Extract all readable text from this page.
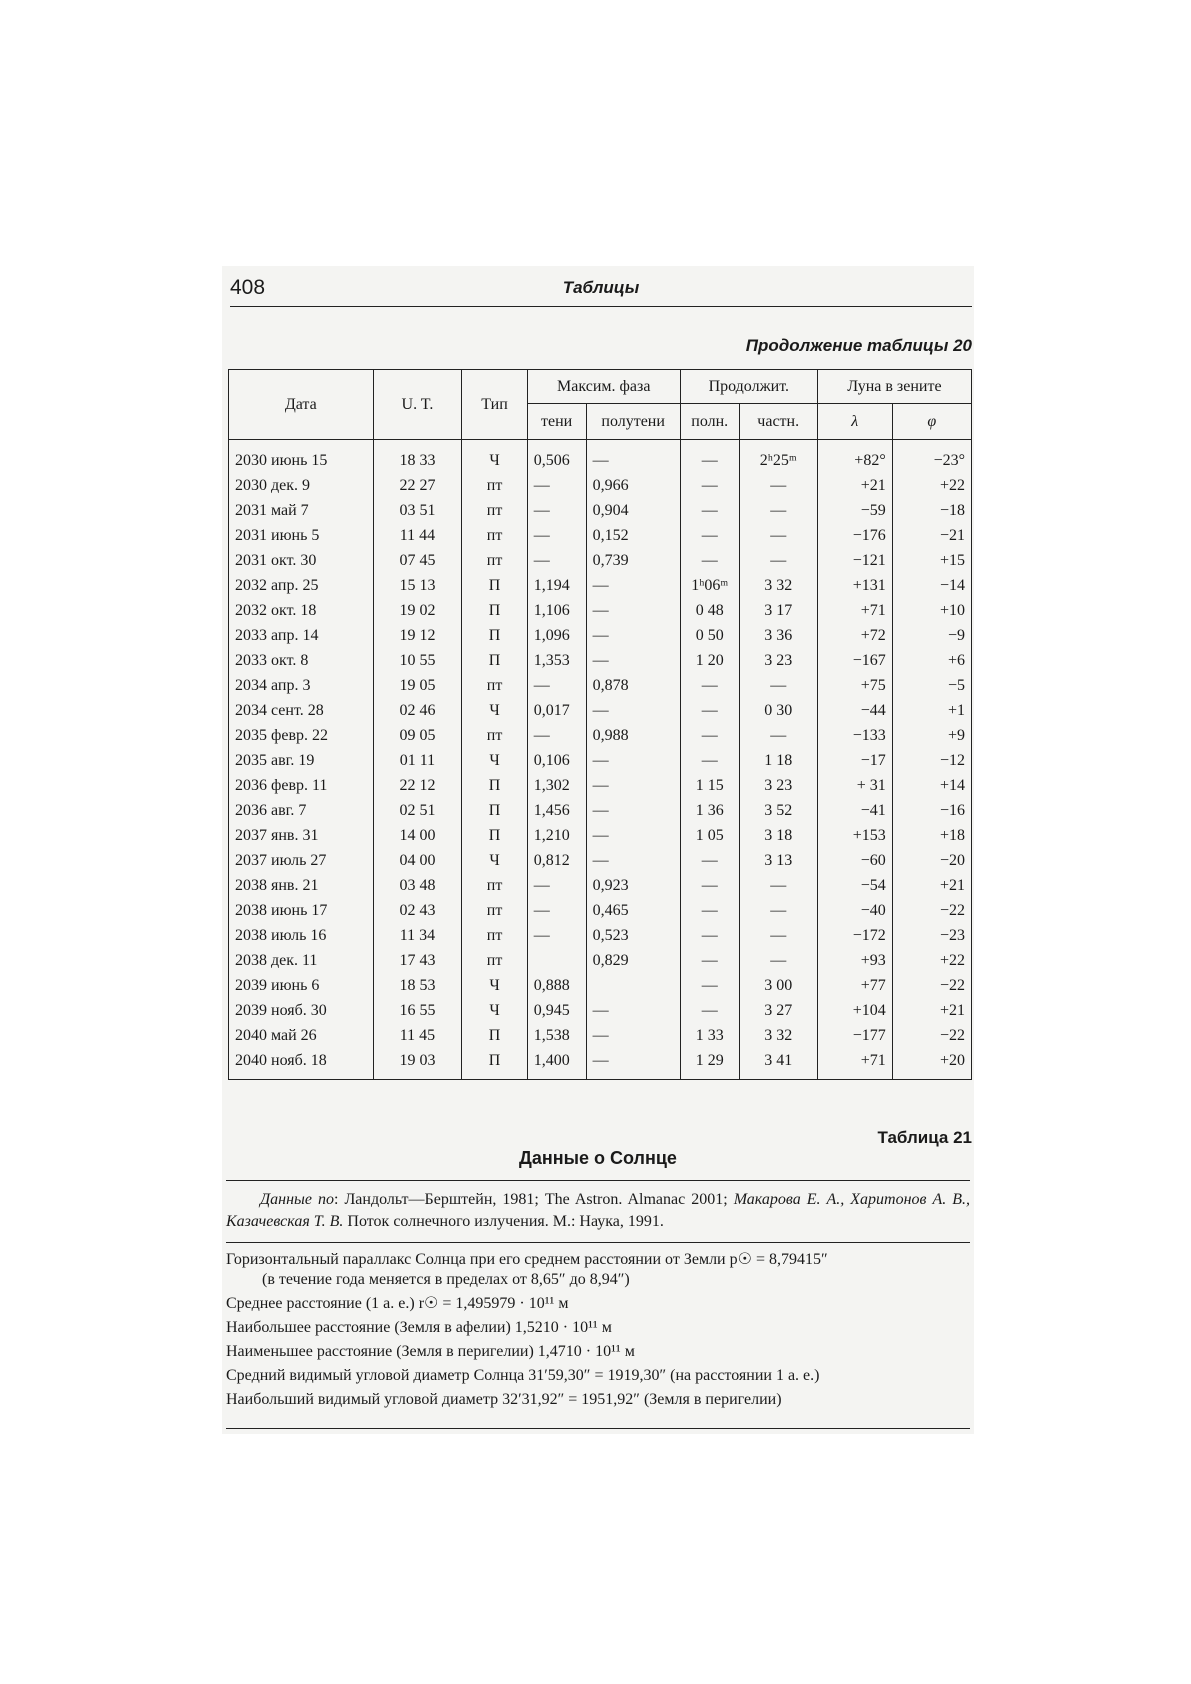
408	Таблицы
Продолжение таблицы 20
Дата	U. T.	Тип	Максим. фаза		Продолжит.		Луна в зените	
			тени	полутени	полн.	частн.	λ	φ
2030 июнь 15	18 33	Ч	0,506	—	—	2ʰ25ᵐ	+82°	−23°
2030 дек. 9	22 27	пт	—	0,966	—	—	+21	+22
2031 май 7	03 51	пт	—	0,904	—	—	−59	−18
2031 июнь 5	11 44	пт	—	0,152	—	—	−176	−21
2031 окт. 30	07 45	пт	—	0,739	—	—	−121	+15
2032 апр. 25	15 13	П	1,194	—	1ʰ06ᵐ	3 32	+131	−14
2032 окт. 18	19 02	П	1,106	—	0 48	3 17	+71	+10
2033 апр. 14	19 12	П	1,096	—	0 50	3 36	+72	−9
2033 окт. 8	10 55	П	1,353	—	1 20	3 23	−167	+6
2034 апр. 3	19 05	пт	—	0,878	—	—	+75	−5
2034 сент. 28	02 46	Ч	0,017	—	—	0 30	−44	+1
2035 февр. 22	09 05	пт	—	0,988	—	—	−133	+9
2035 авг. 19	01 11	Ч	0,106	—	—	1 18	−17	−12
2036 февр. 11	22 12	П	1,302	—	1 15	3 23	+ 31	+14
2036 авг. 7	02 51	П	1,456	—	1 36	3 52	−41	−16
2037 янв. 31	14 00	П	1,210	—	1 05	3 18	+153	+18
2037 июль 27	04 00	Ч	0,812	—	—	3 13	−60	−20
2038 янв. 21	03 48	пт	—	0,923	—	—	−54	+21
2038 июнь 17	02 43	пт	—	0,465	—	—	−40	−22
2038 июль 16	11 34	пт	—	0,523	—	—	−172	−23
2038 дек. 11	17 43	пт		0,829	—	—	+93	+22
2039 июнь 6	18 53	Ч	0,888		—	3 00	+77	−22
2039 нояб. 30	16 55	Ч	0,945	—	—	3 27	+104	+21
2040 май 26	11 45	П	1,538	—	1 33	3 32	−177	−22
2040 нояб. 18	19 03	П	1,400	—	1 29	3 41	+71	+20
Таблица 21
Данные о Солнце
Данные по: Ландольт—Берштейн, 1981; The Astron. Almanac 2001; Макарова Е. А., Харитонов А. В., Казачевская Т. В. Поток солнечного излучения. М.: Наука, 1991.
Горизонтальный параллакс Солнца при его среднем расстоянии от Земли p☉ = 8,79415″
(в течение года меняется в пределах от 8,65″ до 8,94″)
Среднее расстояние (1 а. е.) r☉ = 1,495979 · 10¹¹ м
Наибольшее расстояние (Земля в афелии) 1,5210 · 10¹¹ м
Наименьшее расстояние (Земля в перигелии) 1,4710 · 10¹¹ м
Средний видимый угловой диаметр Солнца 31′59,30″ = 1919,30″ (на расстоянии 1 а. е.)
Наибольший видимый угловой диаметр 32′31,92″ = 1951,92″ (Земля в перигелии)
